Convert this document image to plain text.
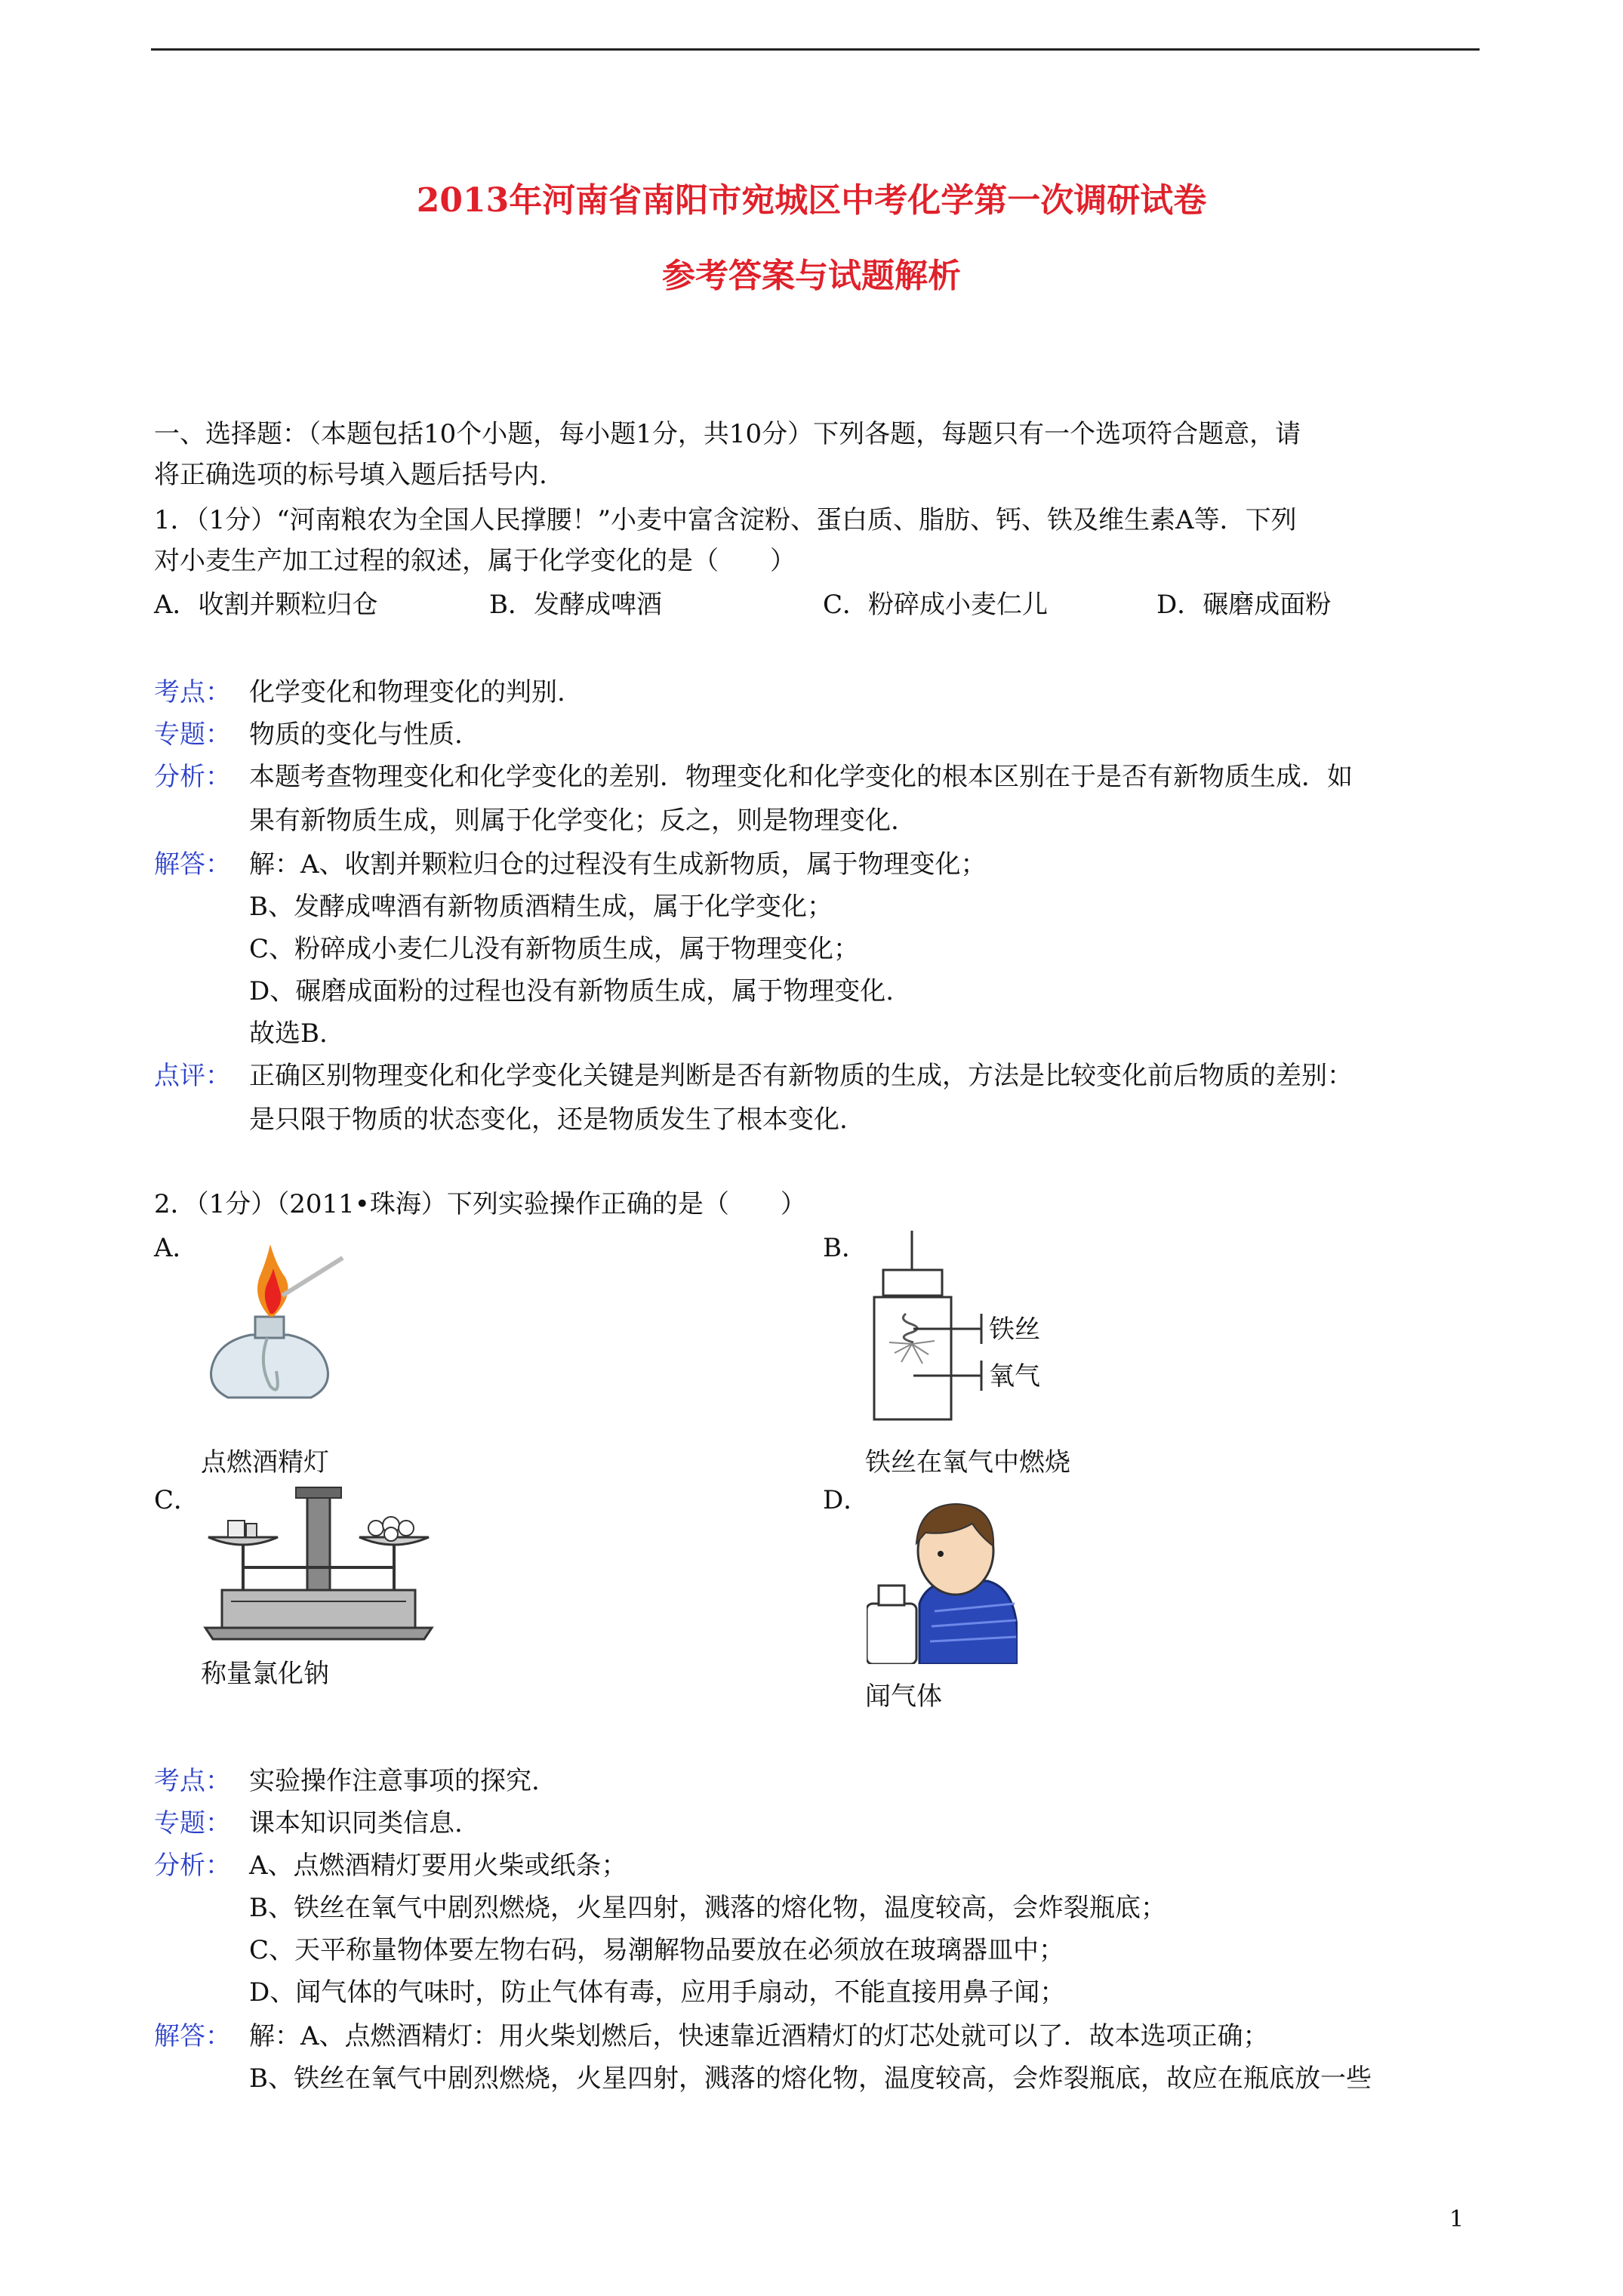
2013年河南省南阳市宛城区中考化学第一次调研试卷
参考答案与试题解析
一、选择题：（本题包括10个小题，每小题1分，共10分）下列各题，每题只有一个选项符合题意，请
将正确选项的标号填入题后括号内.
1．（1分）“河南粮农为全国人民撑腰！”小麦中富含淀粉、蛋白质、脂肪、钙、铁及维生素A等．下列
对小麦生产加工过程的叙述，属于化学变化的是（　　）
A．收割并颗粒归仓	B．发酵成啤酒	C．粉碎成小麦仁儿	D．碾磨成面粉
考点： 化学变化和物理变化的判别.
专题： 物质的变化与性质.
分析： 本题考查物理变化和化学变化的差别．物理变化和化学变化的根本区别在于是否有新物质生成．如
果有新物质生成，则属于化学变化；反之，则是物理变化.
解答： 解：A、收割并颗粒归仓的过程没有生成新物质，属于物理变化；
B、发酵成啤酒有新物质酒精生成，属于化学变化；
C、粉碎成小麦仁儿没有新物质生成，属于物理变化；
D、碾磨成面粉的过程也没有新物质生成，属于物理变化.
故选B.
点评： 正确区别物理变化和化学变化关键是判断是否有新物质的生成，方法是比较变化前后物质的差别：
是只限于物质的状态变化，还是物质发生了根本变化.
2．（1分）（2011•珠海）下列实验操作正确的是（　　）
A．	B．
点燃酒精灯
铁丝
氧气
铁丝在氧气中燃烧
C．	D．
称量氯化钠
闻气体
考点： 实验操作注意事项的探究.
专题： 课本知识同类信息.
分析： A、点燃酒精灯要用火柴或纸条；
B、铁丝在氧气中剧烈燃烧，火星四射，溅落的熔化物，温度较高，会炸裂瓶底；
C、天平称量物体要左物右码，易潮解物品要放在必须放在玻璃器皿中；
D、闻气体的气味时，防止气体有毒，应用手扇动，不能直接用鼻子闻；
解答： 解：A、点燃酒精灯：用火柴划燃后，快速靠近酒精灯的灯芯处就可以了．故本选项正确；
B、铁丝在氧气中剧烈燃烧，火星四射，溅落的熔化物，温度较高，会炸裂瓶底，故应在瓶底放一些
1
